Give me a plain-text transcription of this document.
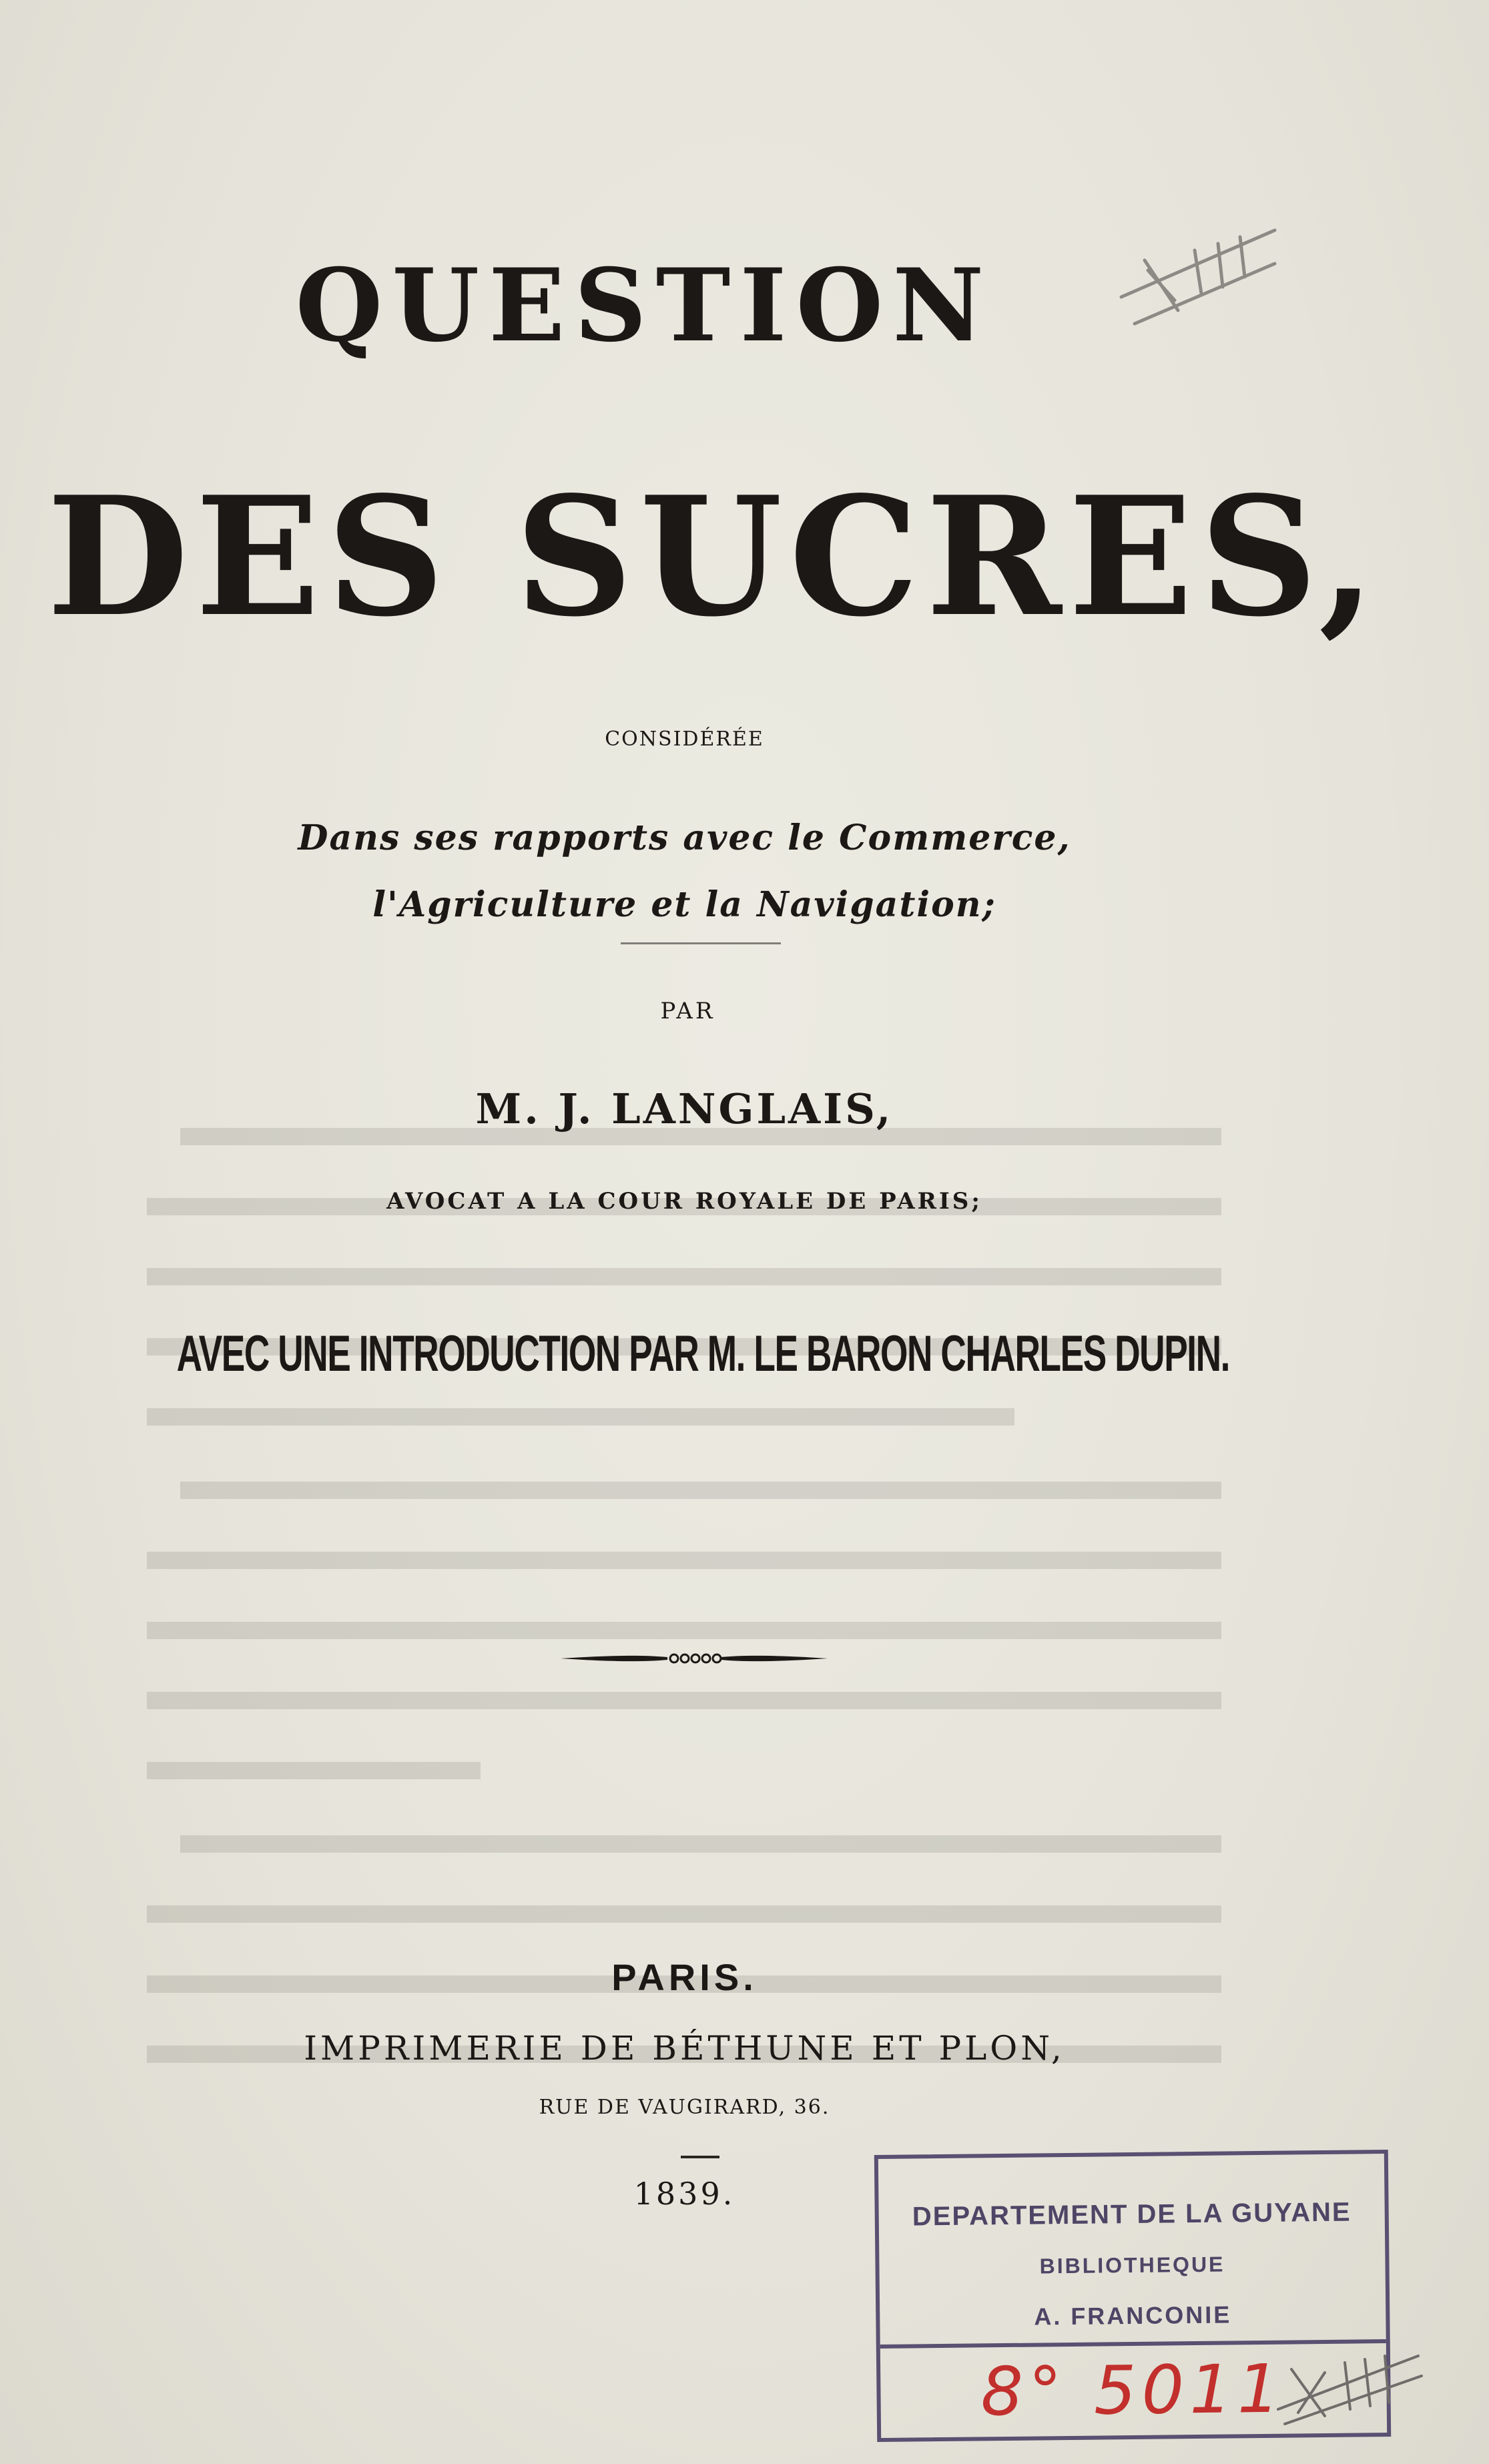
QUESTION
DES SUCRES,
CONSIDÉRÉE
Dans ses rapports avec le Commerce,
l'Agriculture et la Navigation;
PAR
M. J. LANGLAIS,
AVOCAT A LA COUR ROYALE DE PARIS;
AVEC UNE INTRODUCTION PAR M. LE BARON CHARLES DUPIN.
PARIS.
IMPRIMERIE DE BÉTHUNE ET PLON,
RUE DE VAUGIRARD, 36.
1839.
DEPARTEMENT DE LA GUYANE
BIBLIOTHEQUE
A. FRANCONIE
8° 5011
